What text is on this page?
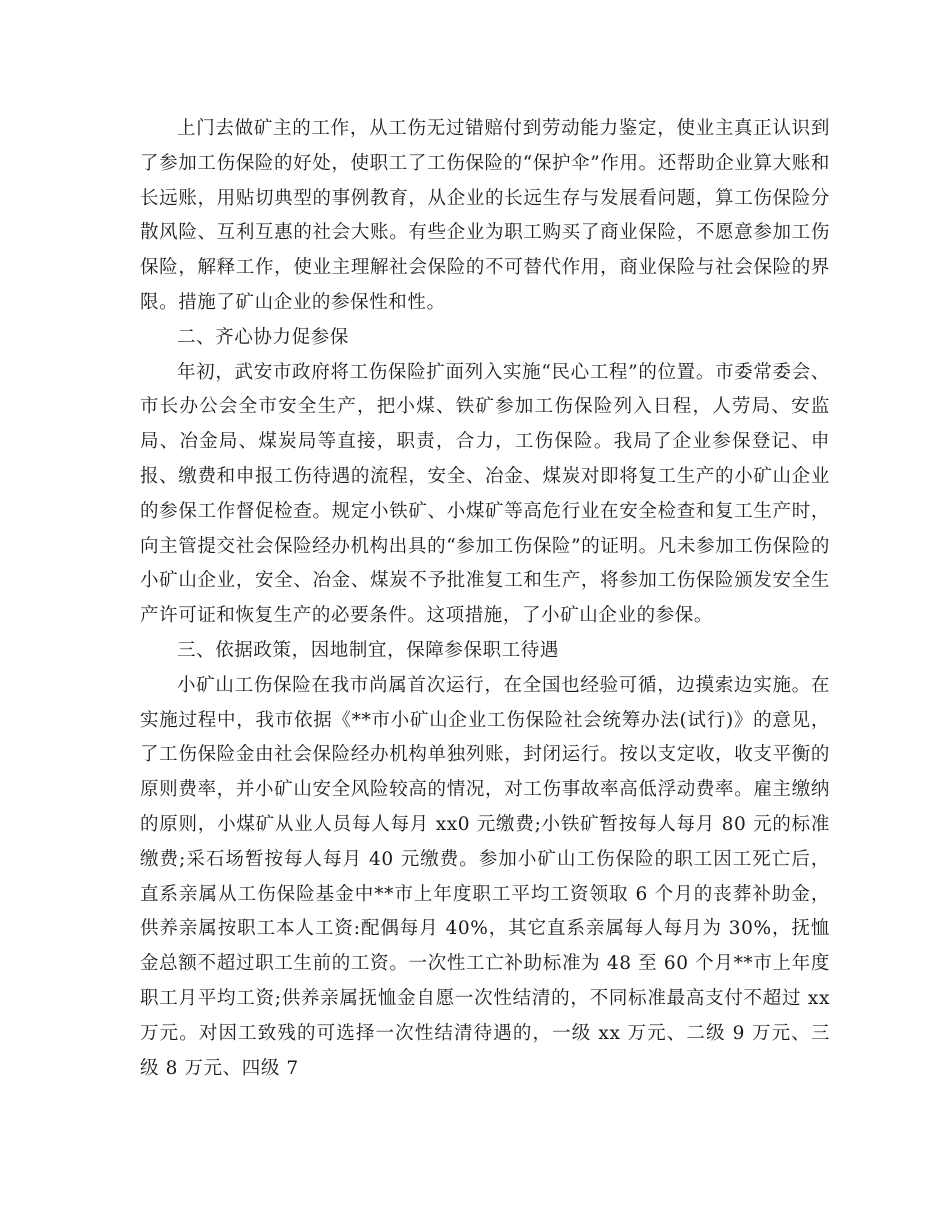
上门去做矿主的工作，从工伤无过错赔付到劳动能力鉴定，使业主真正认识到了参加工伤保险的好处，使职工了工伤保险的“保护伞”作用。还帮助企业算大账和长远账，用贴切典型的事例教育，从企业的长远生存与发展看问题，算工伤保险分散风险、互利互惠的社会大账。有些企业为职工购买了商业保险，不愿意参加工伤保险，解释工作，使业主理解社会保险的不可替代作用，商业保险与社会保险的界限。措施了矿山企业的参保性和性。

二、齐心协力促参保

年初，武安市政府将工伤保险扩面列入实施“民心工程”的位置。市委常委会、市长办公会全市安全生产，把小煤、铁矿参加工伤保险列入日程，人劳局、安监局、冶金局、煤炭局等直接，职责，合力，工伤保险。我局了企业参保登记、申报、缴费和申报工伤待遇的流程，安全、冶金、煤炭对即将复工生产的小矿山企业的参保工作督促检查。规定小铁矿、小煤矿等高危行业在安全检查和复工生产时，向主管提交社会保险经办机构出具的“参加工伤保险”的证明。凡未参加工伤保险的小矿山企业，安全、冶金、煤炭不予批准复工和生产，将参加工伤保险颁发安全生产许可证和恢复生产的必要条件。这项措施，了小矿山企业的参保。

三、依据政策，因地制宜，保障参保职工待遇

小矿山工伤保险在我市尚属首次运行，在全国也经验可循，边摸索边实施。在实施过程中，我市依据《**市小矿山企业工伤保险社会统筹办法(试行)》的意见，了工伤保险金由社会保险经办机构单独列账，封闭运行。按以支定收，收支平衡的原则费率，并小矿山安全风险较高的情况，对工伤事故率高低浮动费率。雇主缴纳的原则，小煤矿从业人员每人每月 xx0 元缴费;小铁矿暂按每人每月 80 元的标准缴费;采石场暂按每人每月 40 元缴费。参加小矿山工伤保险的职工因工死亡后，直系亲属从工伤保险基金中**市上年度职工平均工资领取 6 个月的丧葬补助金，供养亲属按职工本人工资:配偶每月 40%，其它直系亲属每人每月为 30%，抚恤金总额不超过职工生前的工资。一次性工亡补助标准为 48 至 60 个月**市上年度职工月平均工资;供养亲属抚恤金自愿一次性结清的，不同标准最高支付不超过 xx 万元。对因工致残的可选择一次性结清待遇的，一级 xx 万元、二级 9 万元、三级 8 万元、四级 7
